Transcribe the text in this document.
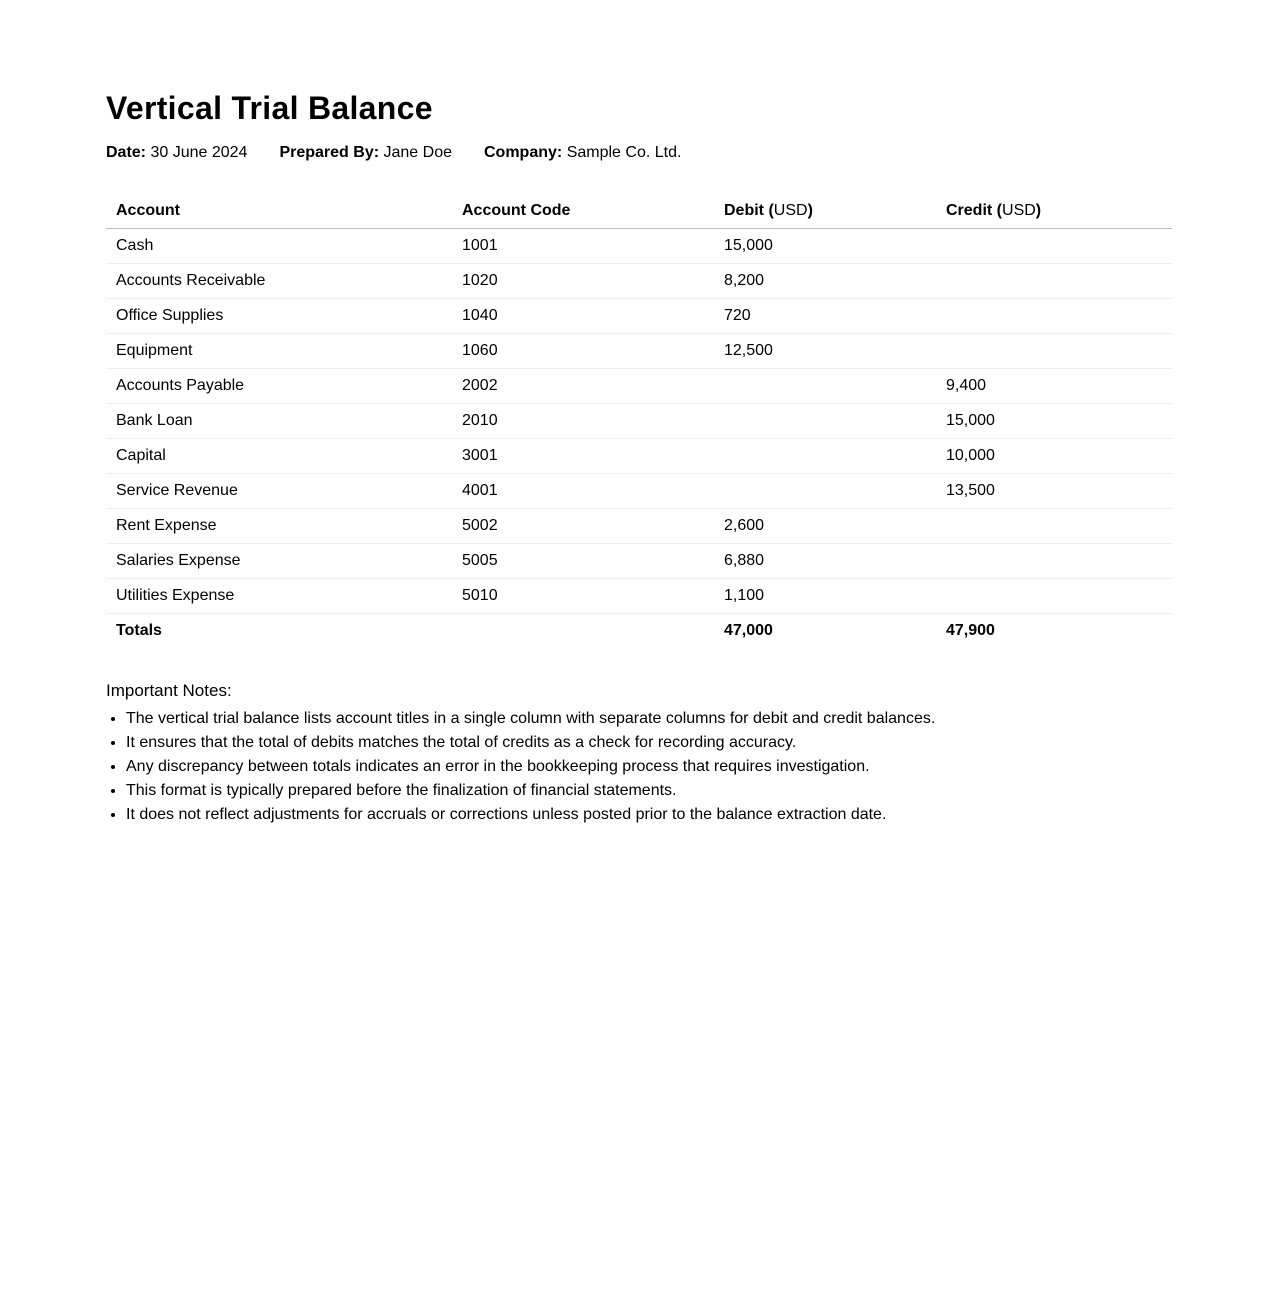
Vertical Trial Balance
Date: 30 June 2024 Prepared By: Jane Doe Company: Sample Co. Ltd.
Account	Account Code	Debit (USD)	Credit (USD)
Cash	1001	15,000	
Accounts Receivable	1020	8,200	
Office Supplies	1040	720	
Equipment	1060	12,500	
Accounts Payable	2002		9,400
Bank Loan	2010		15,000
Capital	3001		10,000
Service Revenue	4001		13,500
Rent Expense	5002	2,600	
Salaries Expense	5005	6,880	
Utilities Expense	5010	1,100	
Totals		47,000	47,900
Important Notes:
• The vertical trial balance lists account titles in a single column with separate columns for debit and credit balances.
• It ensures that the total of debits matches the total of credits as a check for recording accuracy.
• Any discrepancy between totals indicates an error in the bookkeeping process that requires investigation.
• This format is typically prepared before the finalization of financial statements.
• It does not reflect adjustments for accruals or corrections unless posted prior to the balance extraction date.
